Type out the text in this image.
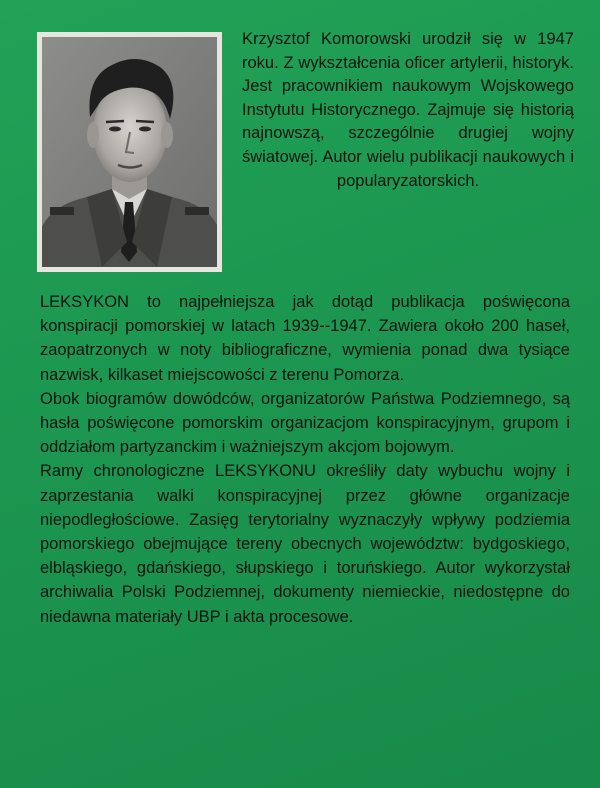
Krzysztof Komorowski urodził się w 1947 roku. Z wykształcenia oficer artylerii, historyk. Jest pracownikiem naukowym Wojskowego Instytutu Historycznego. Zajmuje się historią najnowszą, szczególnie drugiej wojny światowej. Autor wielu publikacji naukowych i popularyzatorskich.

LEKSYKON to najpełniejsza jak dotąd publikacja poświęcona konspiracji pomorskiej w latach 1939--1947. Zawiera około 200 haseł, zaopatrzonych w noty bibliograficzne, wymienia ponad dwa tysiące nazwisk, kilkaset miejscowości z terenu Pomorza.

Obok biogramów dowódców, organizatorów Państwa Podziemnego, są hasła poświęcone pomorskim organizacjom konspiracyjnym, grupom i oddziałom partyzanckim i ważniejszym akcjom bojowym.

Ramy chronologiczne LEKSYKONU określiły daty wybuchu wojny i zaprzestania walki konspiracyjnej przez główne organizacje niepodległościowe. Zasięg terytorialny wyznaczyły wpływy podziemia pomorskiego obejmujące tereny obecnych województw: bydgoskiego, elbląskiego, gdańskiego, słupskiego i toruńskiego. Autor wykorzystał archiwalia Polski Podziemnej, dokumenty niemieckie, niedostępne do niedawna materiały UBP i akta procesowe.
